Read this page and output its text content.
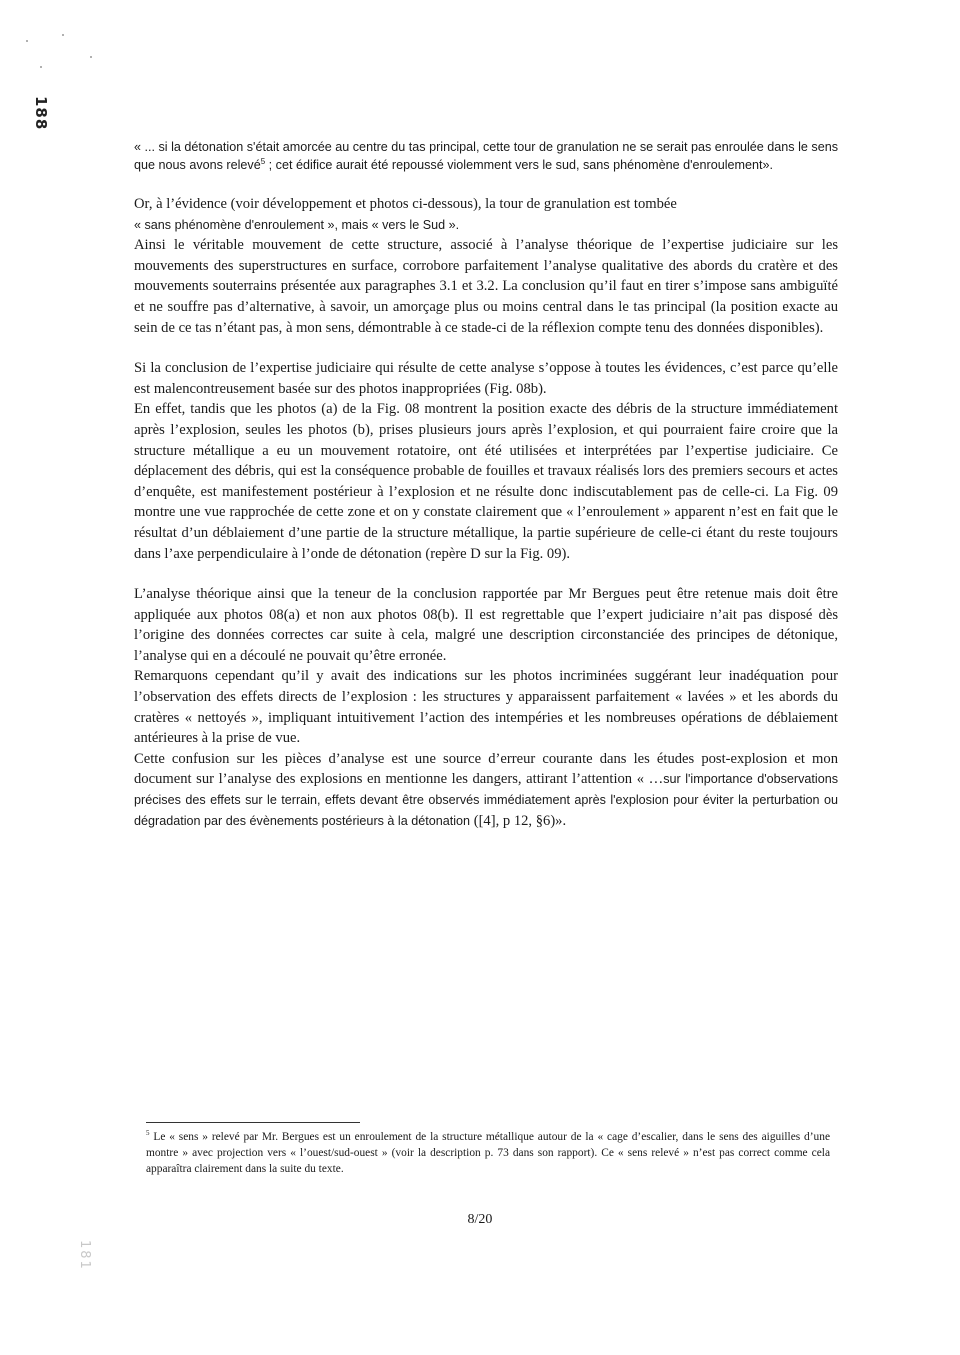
188
181

« ... si la détonation s'était amorcée au centre du tas principal, cette tour de granulation ne se serait pas enroulée dans le sens que nous avons relevé$^5$ ; cet édifice aurait été repoussé violemment vers le sud, sans phénomène d'enroulement».

Or, à l’évidence (voir développement et photos ci-dessous), la tour de granulation est tombée
« sans phénomène d'enroulement », mais « vers le Sud ».

Ainsi le véritable mouvement de cette structure, associé à l’analyse théorique de l’expertise judiciaire sur les mouvements des superstructures en surface, corrobore parfaitement l’analyse qualitative des abords du cratère et des mouvements souterrains présentée aux paragraphes 3.1 et 3.2. La conclusion qu’il faut en tirer s’impose sans ambiguïté et ne souffre pas d’alternative, à savoir, un amorçage plus ou moins central dans le tas principal (la position exacte au sein de ce tas n’étant pas, à mon sens, démontrable à ce stade-ci de la réflexion compte tenu des données disponibles).

Si la conclusion de l’expertise judiciaire qui résulte de cette analyse s’oppose à toutes les évidences, c’est parce qu’elle est malencontreusement basée sur des photos inappropriées (Fig. 08b).

En effet, tandis que les photos (a) de la Fig. 08 montrent la position exacte des débris de la structure immédiatement après l’explosion, seules les photos (b), prises plusieurs jours après l’explosion, et qui pourraient faire croire que la structure métallique a eu un mouvement rotatoire, ont été utilisées et interprétées par l’expertise judiciaire. Ce déplacement des débris, qui est la conséquence probable de fouilles et travaux réalisés lors des premiers secours et actes d’enquête, est manifestement postérieur à l’explosion et ne résulte donc indiscutablement pas de celle-ci. La Fig. 09 montre une vue rapprochée de cette zone et on y constate clairement que « l’enroulement » apparent n’est en fait que le résultat d’un déblaiement d’une partie de la structure métallique, la partie supérieure de celle-ci étant du reste toujours dans l’axe perpendiculaire à l’onde de détonation (repère D sur la Fig. 09).

L’analyse théorique ainsi que la teneur de la conclusion rapportée par Mr Bergues peut être retenue mais doit être appliquée aux photos 08(a) et non aux photos 08(b). Il est regrettable que l’expert judiciaire n’ait pas disposé dès l’origine des données correctes car suite à cela, malgré une description circonstanciée des principes de détonique, l’analyse qui en a découlé ne pouvait qu’être erronée.

Remarquons cependant qu’il y avait des indications sur les photos incriminées suggérant leur inadéquation pour l’observation des effets directs de l’explosion : les structures y apparaissent parfaitement « lavées » et les abords du cratères « nettoyés », impliquant intuitivement l’action des intempéries et les nombreuses opérations de déblaiement antérieures à la prise de vue.

Cette confusion sur les pièces d’analyse est une source d’erreur courante dans les études post-explosion et mon document sur l’analyse des explosions en mentionne les dangers, attirant l’attention « …sur l'importance d'observations précises des effets sur le terrain, effets devant être observés immédiatement après l'explosion pour éviter la perturbation ou dégradation par des évènements postérieurs à la détonation ([4], p 12, §6)».

$^5$ Le « sens » relevé par Mr. Bergues est un enroulement de la structure métallique autour de la « cage d’escalier, dans le sens des aiguilles d’une montre » avec projection vers « l’ouest/sud-ouest » (voir la description p. 73 dans son rapport). Ce « sens relevé » n’est pas correct comme cela apparaîtra clairement dans la suite du texte.

8/20
